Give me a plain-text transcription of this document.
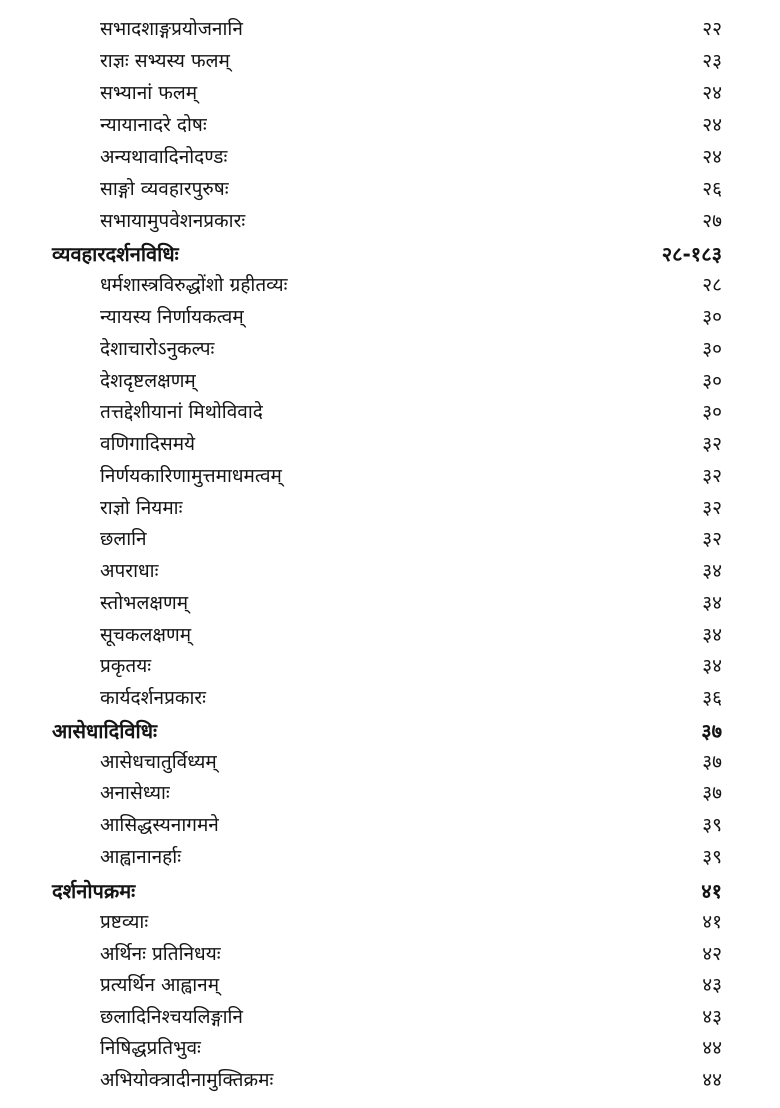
सभादशाङ्गप्रयोजनानि	२२
राज्ञः सभ्यस्य फलम्	२३
सभ्यानां फलम्	२४
न्यायानादरे दोषः	२४
अन्यथावादिनोदण्डः	२४
साङ्गो व्यवहारपुरुषः	२६
सभायामुपवेशनप्रकारः	२७
व्यवहारदर्शनविधिः	२८-१८३
धर्मशास्त्रविरुद्धोंशो ग्रहीतव्यः	२८
न्यायस्य निर्णायकत्वम्	३०
देशाचारोऽनुकल्पः	३०
देशदृष्टलक्षणम्	३०
तत्तद्देशीयानां मिथोविवादे	३०
वणिगादिसमये	३२
निर्णयकारिणामुत्तमाधमत्वम्	३२
राज्ञो नियमाः	३२
छलानि	३२
अपराधाः	३४
स्तोभलक्षणम्	३४
सूचकलक्षणम्	३४
प्रकृतयः	३४
कार्यदर्शनप्रकारः	३६
आसेधादिविधिः	३७
आसेधचातुर्विध्यम्	३७
अनासेध्याः	३७
आसिद्धस्यनागमने	३९
आह्वानानर्हाः	३९
दर्शनोपक्रमः	४१
प्रष्टव्याः	४१
अर्थिनः प्रतिनिधयः	४२
प्रत्यर्थिन आह्वानम्	४३
छलादिनिश्चयलिङ्गानि	४३
निषिद्धप्रतिभुवः	४४
अभियोक्त्रादीनामुक्तिक्रमः	४४
